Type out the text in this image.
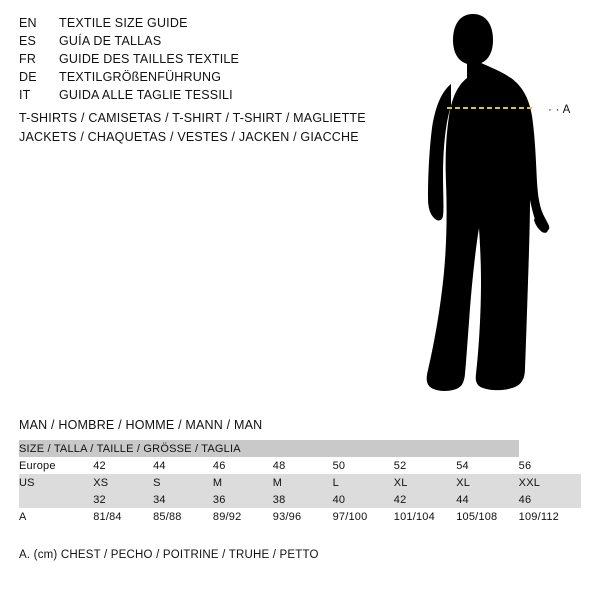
EN	TEXTILE SIZE GUIDE
ES	GUÍA DE TALLAS
FR	GUIDE DES TAILLES TEXTILE
DE	TEXTILGRÖßENFÜHRUNG
IT	GUIDA ALLE TAGLIE TESSILI
T-SHIRTS / CAMISETAS / T-SHIRT / T-SHIRT / MAGLIETTE
JACKETS / CHAQUETAS / VESTES / JACKEN / GIACCHE
· · A
MAN / HOMBRE / HOMME / MANN / MAN
SIZE / TALLA / TAILLE / GRÖSSE / TAGLIA								
Europe	42	44	46	48	50	52	54	56
US	XS	S	M	M	L	XL	XL	XXL
	32	34	36	38	40	42	44	46
A	81/84	85/88	89/92	93/96	97/100	101/104	105/108	109/112
A. (cm) CHEST / PECHO / POITRINE / TRUHE / PETTO
